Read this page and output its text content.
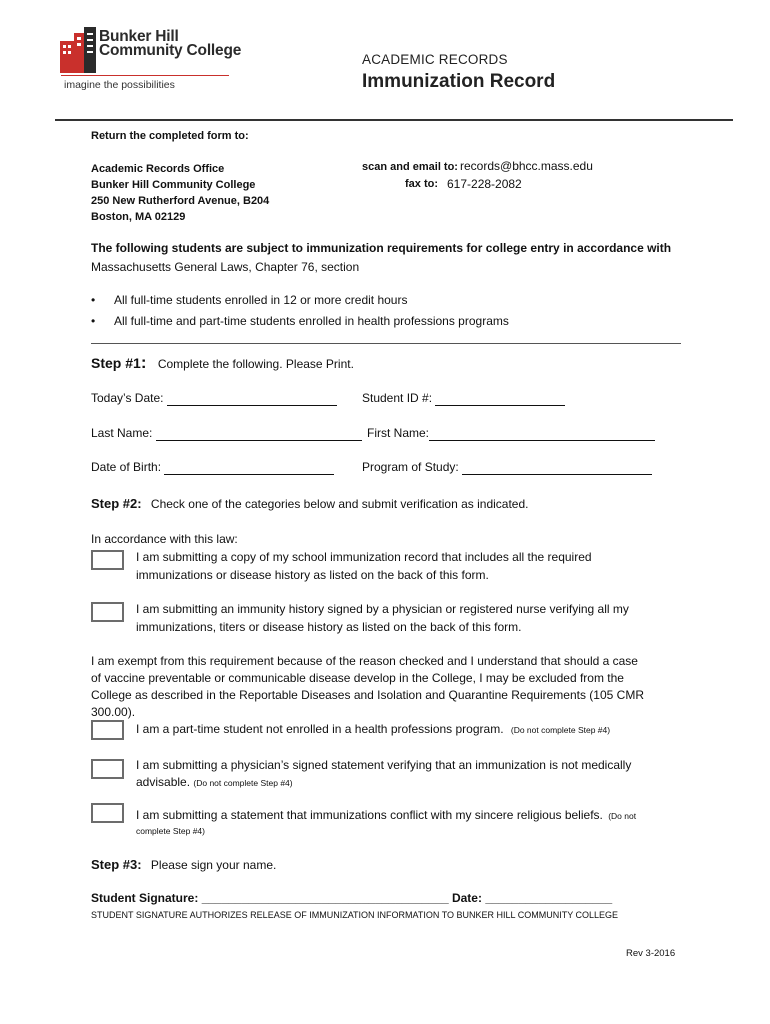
Bunker Hill
Community College
imagine the possibilities
ACADEMIC RECORDS
Immunization Record
Return the completed form to:
Academic Records Office
Bunker Hill Community College
250 New Rutherford Avenue, B204
Boston, MA 02129
scan and email to: records@bhcc.mass.edu
fax to: 617-228-2082
The following students are subject to immunization requirements for college entry in accordance with
Massachusetts General Laws, Chapter 76, section
• All full-time students enrolled in 12 or more credit hours
• All full-time and part-time students enrolled in health professions programs
Step #1: Complete the following. Please Print.
Today’s Date:	Student ID #:
Last Name:	First Name:
Date of Birth:	Program of Study:
Step #2: Check one of the categories below and submit verification as indicated.
In accordance with this law:
I am submitting a copy of my school immunization record that includes all the required
immunizations or disease history as listed on the back of this form.
I am submitting an immunity history signed by a physician or registered nurse verifying all my
immunizations, titers or disease history as listed on the back of this form.
I am exempt from this requirement because of the reason checked and I understand that should a case
of vaccine preventable or communicable disease develop in the College, I may be excluded from the
College as described in the Reportable Diseases and Isolation and Quarantine Requirements (105 CMR
300.00).
I am a part-time student not enrolled in a health professions program. (Do not complete Step #4)
I am submitting a physician’s signed statement verifying that an immunization is not medically
advisable. (Do not complete Step #4)
I am submitting a statement that immunizations conflict with my sincere religious beliefs. (Do not
complete Step #4)
Step #3: Please sign your name.
Student Signature: _____________________________________ Date: ___________________
STUDENT SIGNATURE AUTHORIZES RELEASE OF IMMUNIZATION INFORMATION TO BUNKER HILL COMMUNITY COLLEGE
Rev 3-2016
